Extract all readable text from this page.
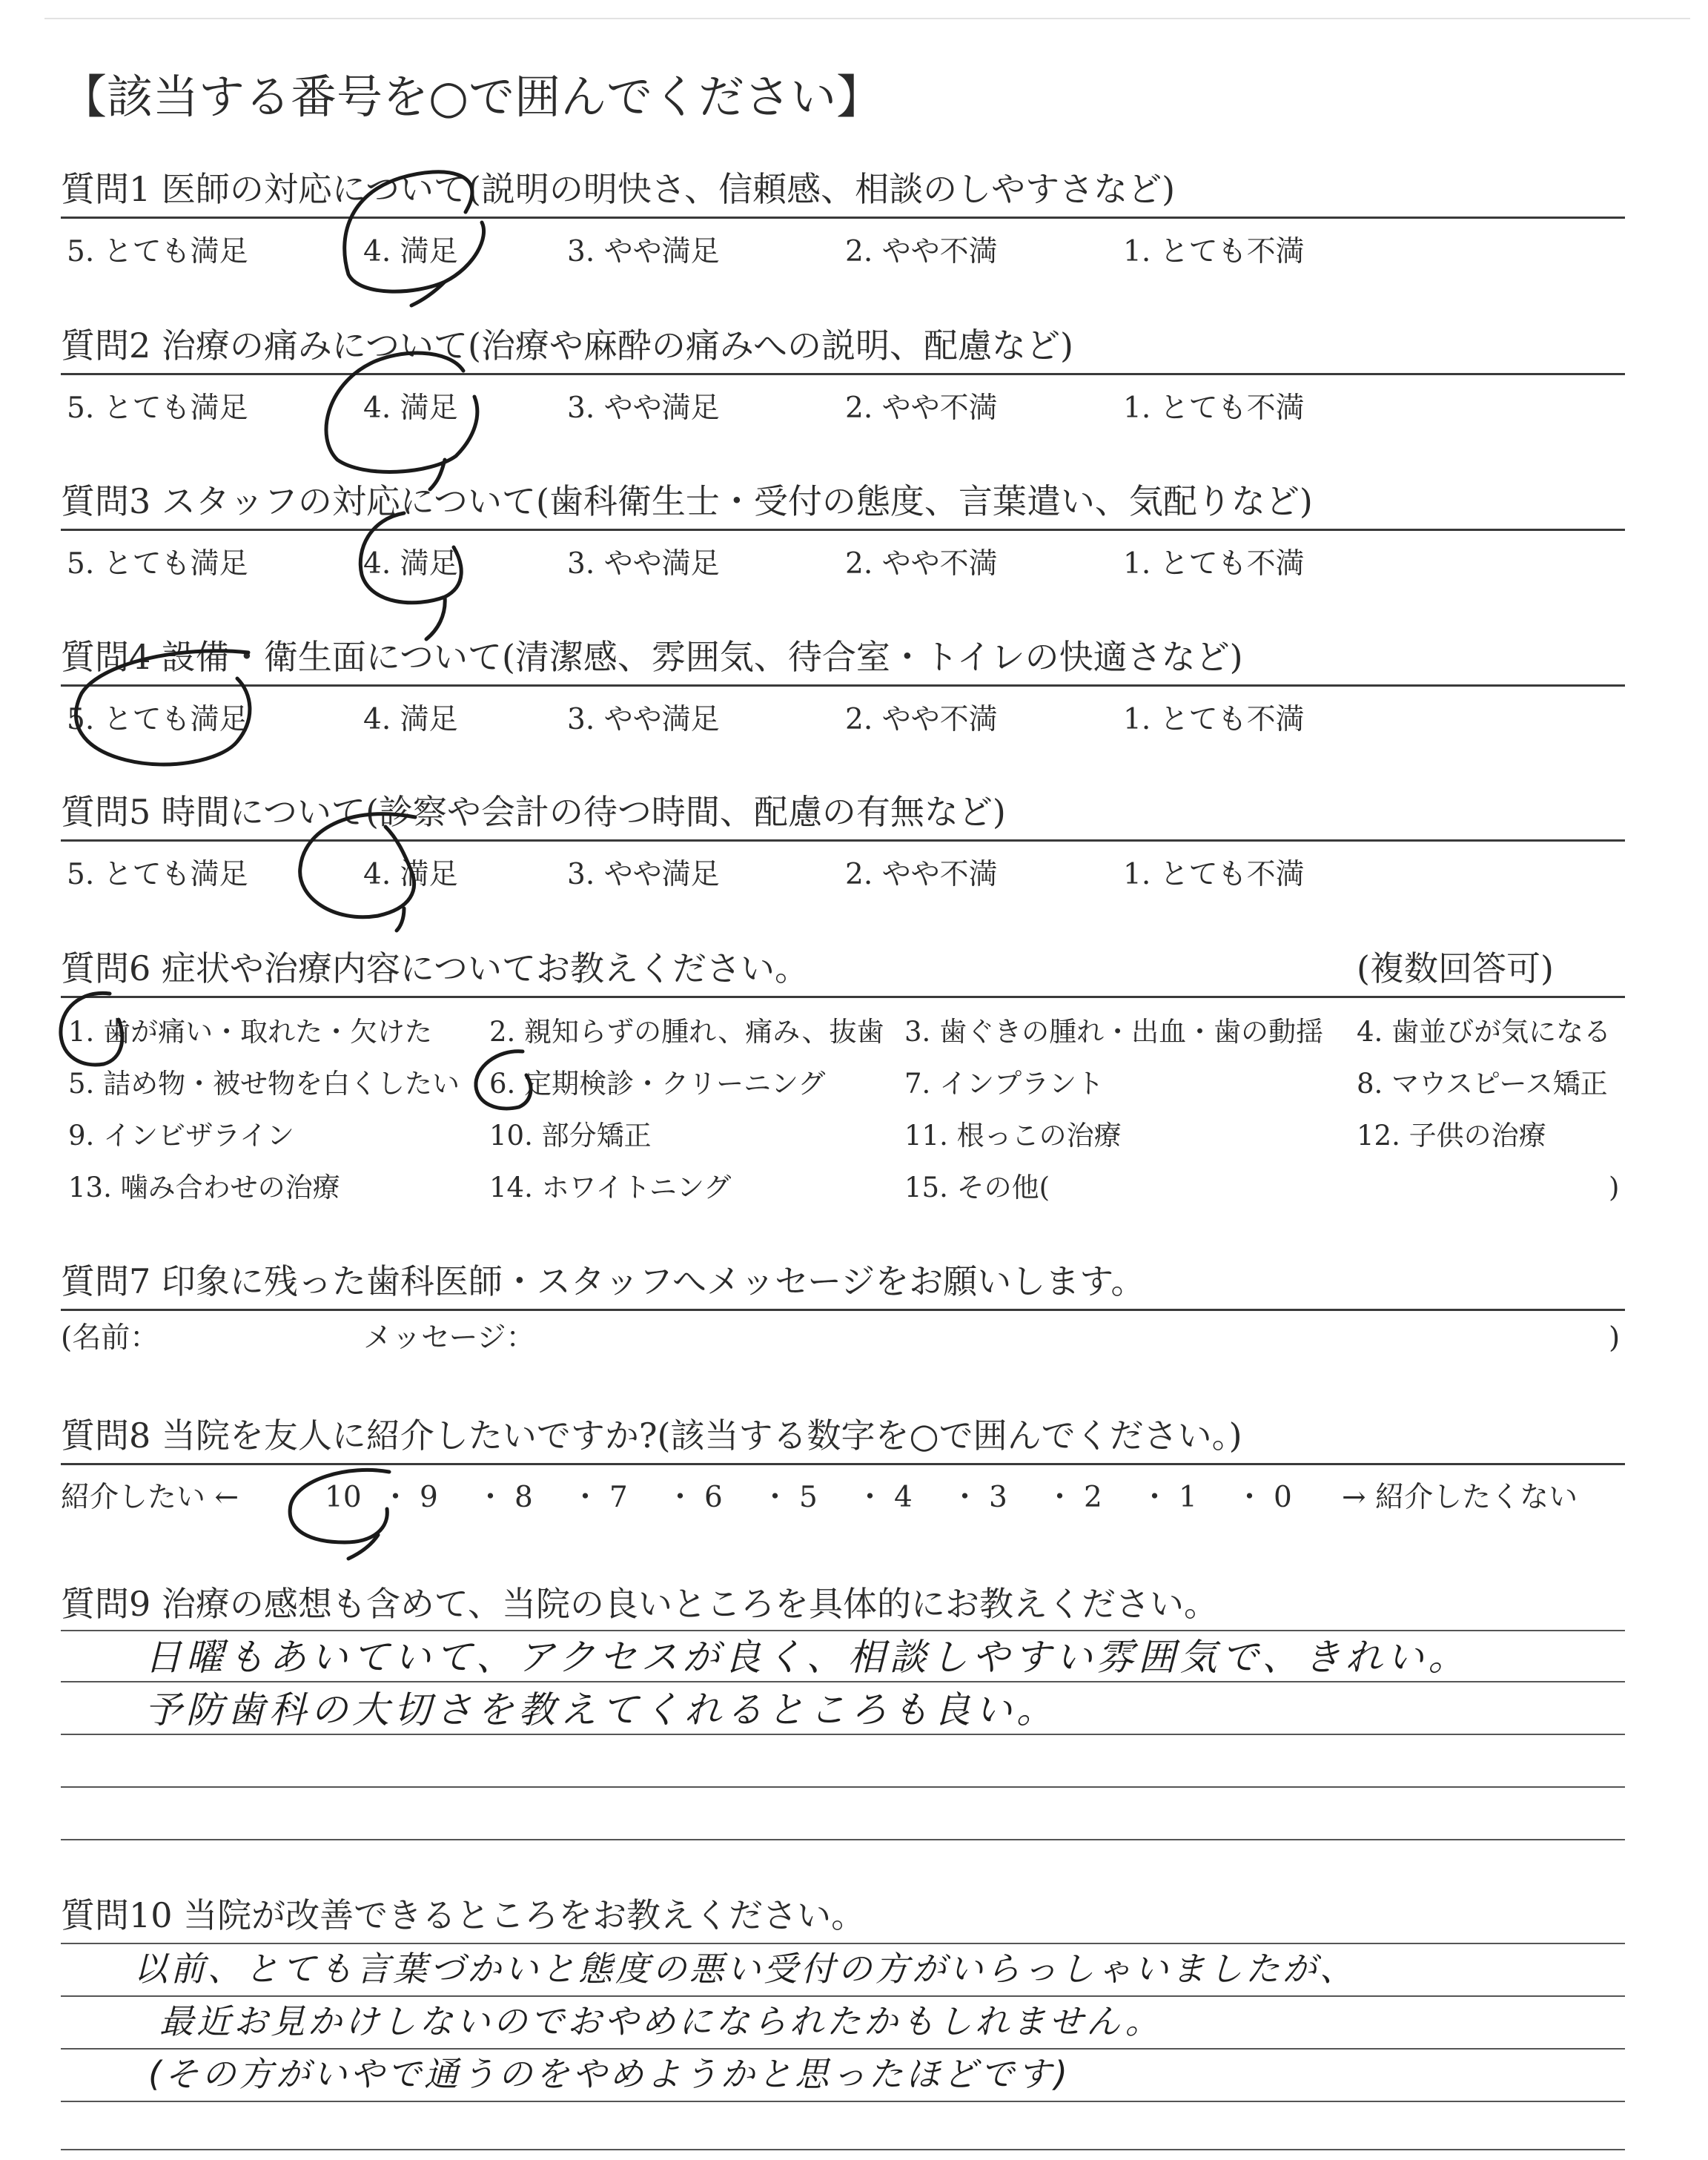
【該当する番号を○で囲んでください】
質問1 医師の対応について(説明の明快さ、信頼感、相談のしやすさなど)
5. とても満足	4. 満足	3. やや満足	2. やや不満	1. とても不満
質問2 治療の痛みについて(治療や麻酔の痛みへの説明、配慮など)
5. とても満足	4. 満足	3. やや満足	2. やや不満	1. とても不満
質問3 スタッフの対応について(歯科衛生士・受付の態度、言葉遣い、気配りなど)
5. とても満足	4. 満足	3. やや満足	2. やや不満	1. とても不満
質問4 設備・衛生面について(清潔感、雰囲気、待合室・トイレの快適さなど)
5. とても満足	4. 満足	3. やや満足	2. やや不満	1. とても不満
質問5 時間について(診察や会計の待つ時間、配慮の有無など)
5. とても満足	4. 満足	3. やや満足	2. やや不満	1. とても不満
質問6 症状や治療内容についてお教えください。	(複数回答可)
1. 歯が痛い・取れた・欠けた 2. 親知らずの腫れ、痛み、抜歯 3. 歯ぐきの腫れ・出血・歯の動揺 4. 歯並びが気になる
5. 詰め物・被せ物を白くしたい 6. 定期検診・クリーニング	7. インプラント	8. マウスピース矯正
9. インビザライン	10. 部分矯正	11. 根っこの治療	12. 子供の治療
13. 噛み合わせの治療	14. ホワイトニング	15. その他(	)
質問7 印象に残った歯科医師・スタッフへメッセージをお願いします。
(名前：	メッセージ：	)
質問8 当院を友人に紹介したいですか?(該当する数字を○で囲んでください。)
紹介したい ←	10 ・ 9 ・ 8 ・ 7 ・ 6 ・ 5 ・ 4 ・ 3 ・ 2 ・ 1 ・ 0 → 紹介したくない
質問9 治療の感想も含めて、当院の良いところを具体的にお教えください。
日曜もあいていて、アクセスが良く、相談しやすい雰囲気で、きれい。
予防歯科の大切さを教えてくれるところも良い。
質問10 当院が改善できるところをお教えください。
以前、とても言葉づかいと態度の悪い受付の方がいらっしゃいましたが、
最近お見かけしないのでおやめになられたかもしれません。
(その方がいやで通うのをやめようかと思ったほどです)
